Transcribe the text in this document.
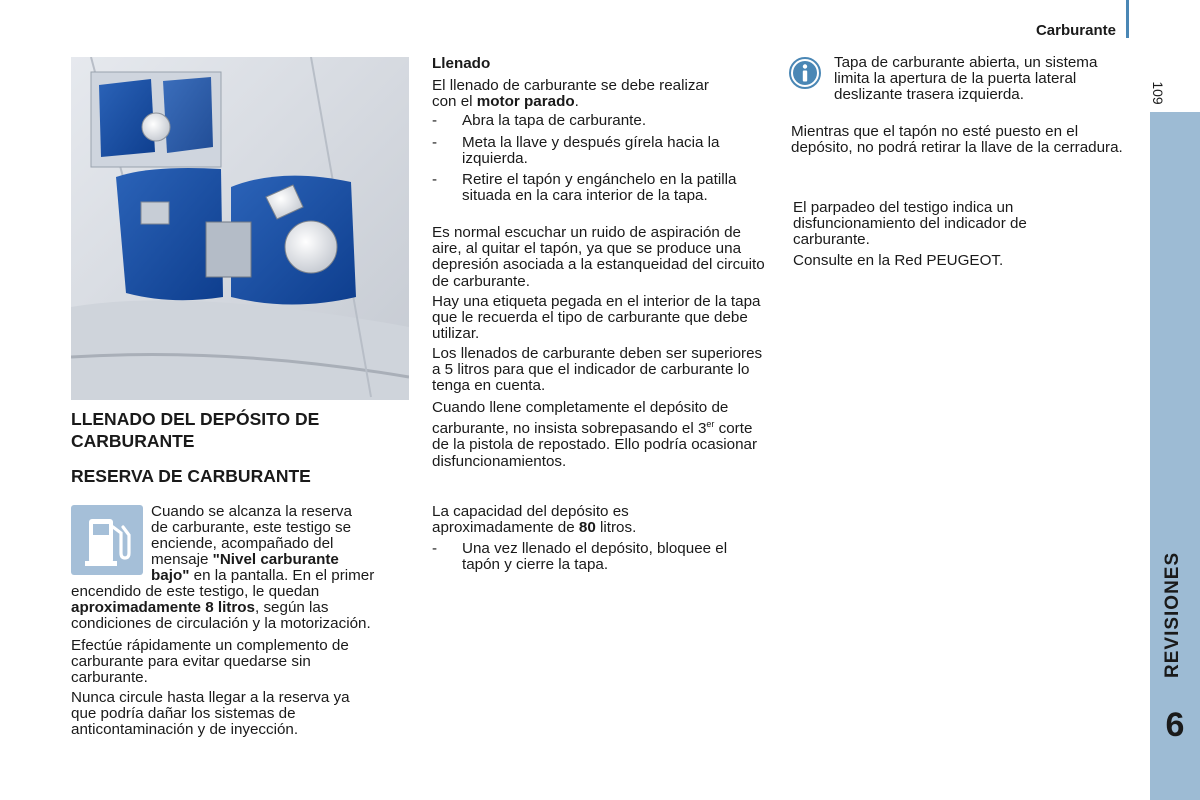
Carburante
109
REVISIONES
6
LLENADO DEL DEPÓSITO DE CARBURANTE
RESERVA DE CARBURANTE
Cuando se alcanza la reserva
de carburante, este testigo se
enciende, acompañado del
mensaje "Nivel carburante
bajo" en la pantalla. En el primer
encendido de este testigo, le quedan
aproximadamente 8 litros, según las
condiciones de circulación y la motorización.

Efectúe rápidamente un complemento de carburante para evitar quedarse sin carburante.

Nunca circule hasta llegar a la reserva ya que podría dañar los sistemas de anticontaminación y de inyección.

Llenado

El llenado de carburante se debe realizar con el motor parado.

-	Abra la tapa de carburante.
-	Meta la llave y después gírela hacia la izquierda.
-	Retire el tapón y engánchelo en la patilla situada en la cara interior de la tapa.

Es normal escuchar un ruido de aspiración de aire, al quitar el tapón, ya que se produce una depresión asociada a la estanqueidad del circuito de carburante.

Hay una etiqueta pegada en el interior de la tapa que le recuerda el tipo de carburante que debe utilizar.

Los llenados de carburante deben ser superiores a 5 litros para que el indicador de carburante lo tenga en cuenta.

Cuando llene completamente el depósito de carburante, no insista sobrepasando el 3er corte de la pistola de repostado. Ello podría ocasionar disfuncionamientos.

La capacidad del depósito es aproximadamente de 80 litros.

-	Una vez llenado el depósito, bloquee el tapón y cierre la tapa.

Tapa de carburante abierta, un sistema limita la apertura de la puerta lateral deslizante trasera izquierda.

Mientras que el tapón no esté puesto en el depósito, no podrá retirar la llave de la cerradura.

El parpadeo del testigo indica un disfuncionamiento del indicador de carburante.

Consulte en la Red PEUGEOT.
